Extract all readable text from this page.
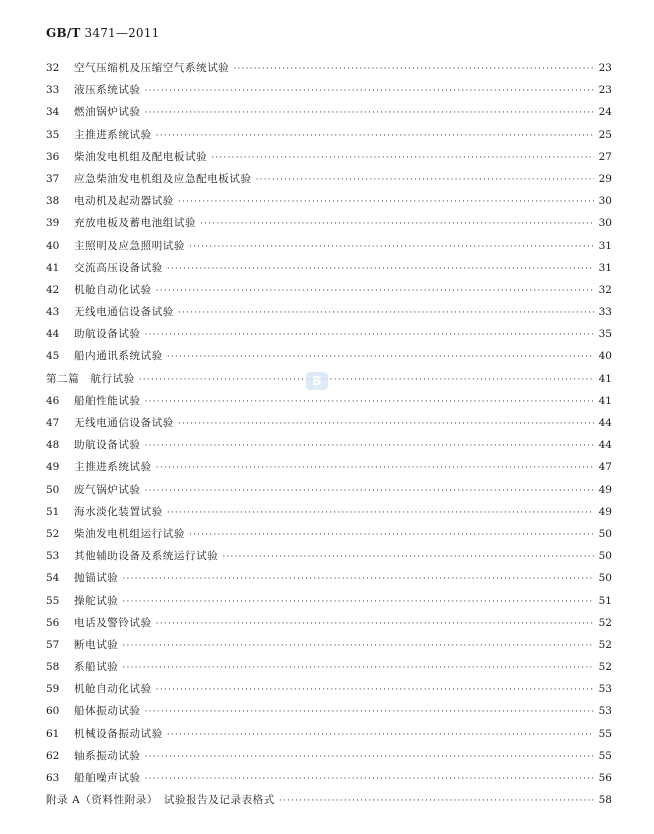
GB/T 3471—2011
32	空气压缩机及压缩空气系统试验 ·····	23
33	液压系统试验 ·····	23
34	燃油锅炉试验 ·····	24
35	主推进系统试验 ·····	25
36	柴油发电机组及配电板试验 ·····	27
37	应急柴油发电机组及应急配电板试验 ·····	29
38	电动机及起动器试验 ·····	30
39	充放电板及蓄电池组试验 ·····	30
40	主照明及应急照明试验 ·····	31
41	交流高压设备试验 ·····	31
42	机舱自动化试验 ·····	32
43	无线电通信设备试验 ·····	33
44	助航设备试验 ·····	35
45	船内通讯系统试验 ·····	40
第二篇　航行试验 ·····	41
46	船舶性能试验 ·····	41
47	无线电通信设备试验 ·····	44
48	助航设备试验 ·····	44
49	主推进系统试验 ·····	47
50	废气锅炉试验 ·····	49
51	海水淡化装置试验 ·····	49
52	柴油发电机组运行试验 ·····	50
53	其他辅助设备及系统运行试验 ·····	50
54	抛锚试验 ·····	50
55	操舵试验 ·····	51
56	电话及警铃试验 ·····	52
57	断电试验 ·····	52
58	系船试验 ·····	52
59	机舱自动化试验 ·····	53
60	船体振动试验 ·····	53
61	机械设备振动试验 ·····	55
62	轴系振动试验 ·····	55
63	船舶噪声试验 ·····	56
附录 A（资料性附录）　试验报告及记录表格式 ·····	58
B
